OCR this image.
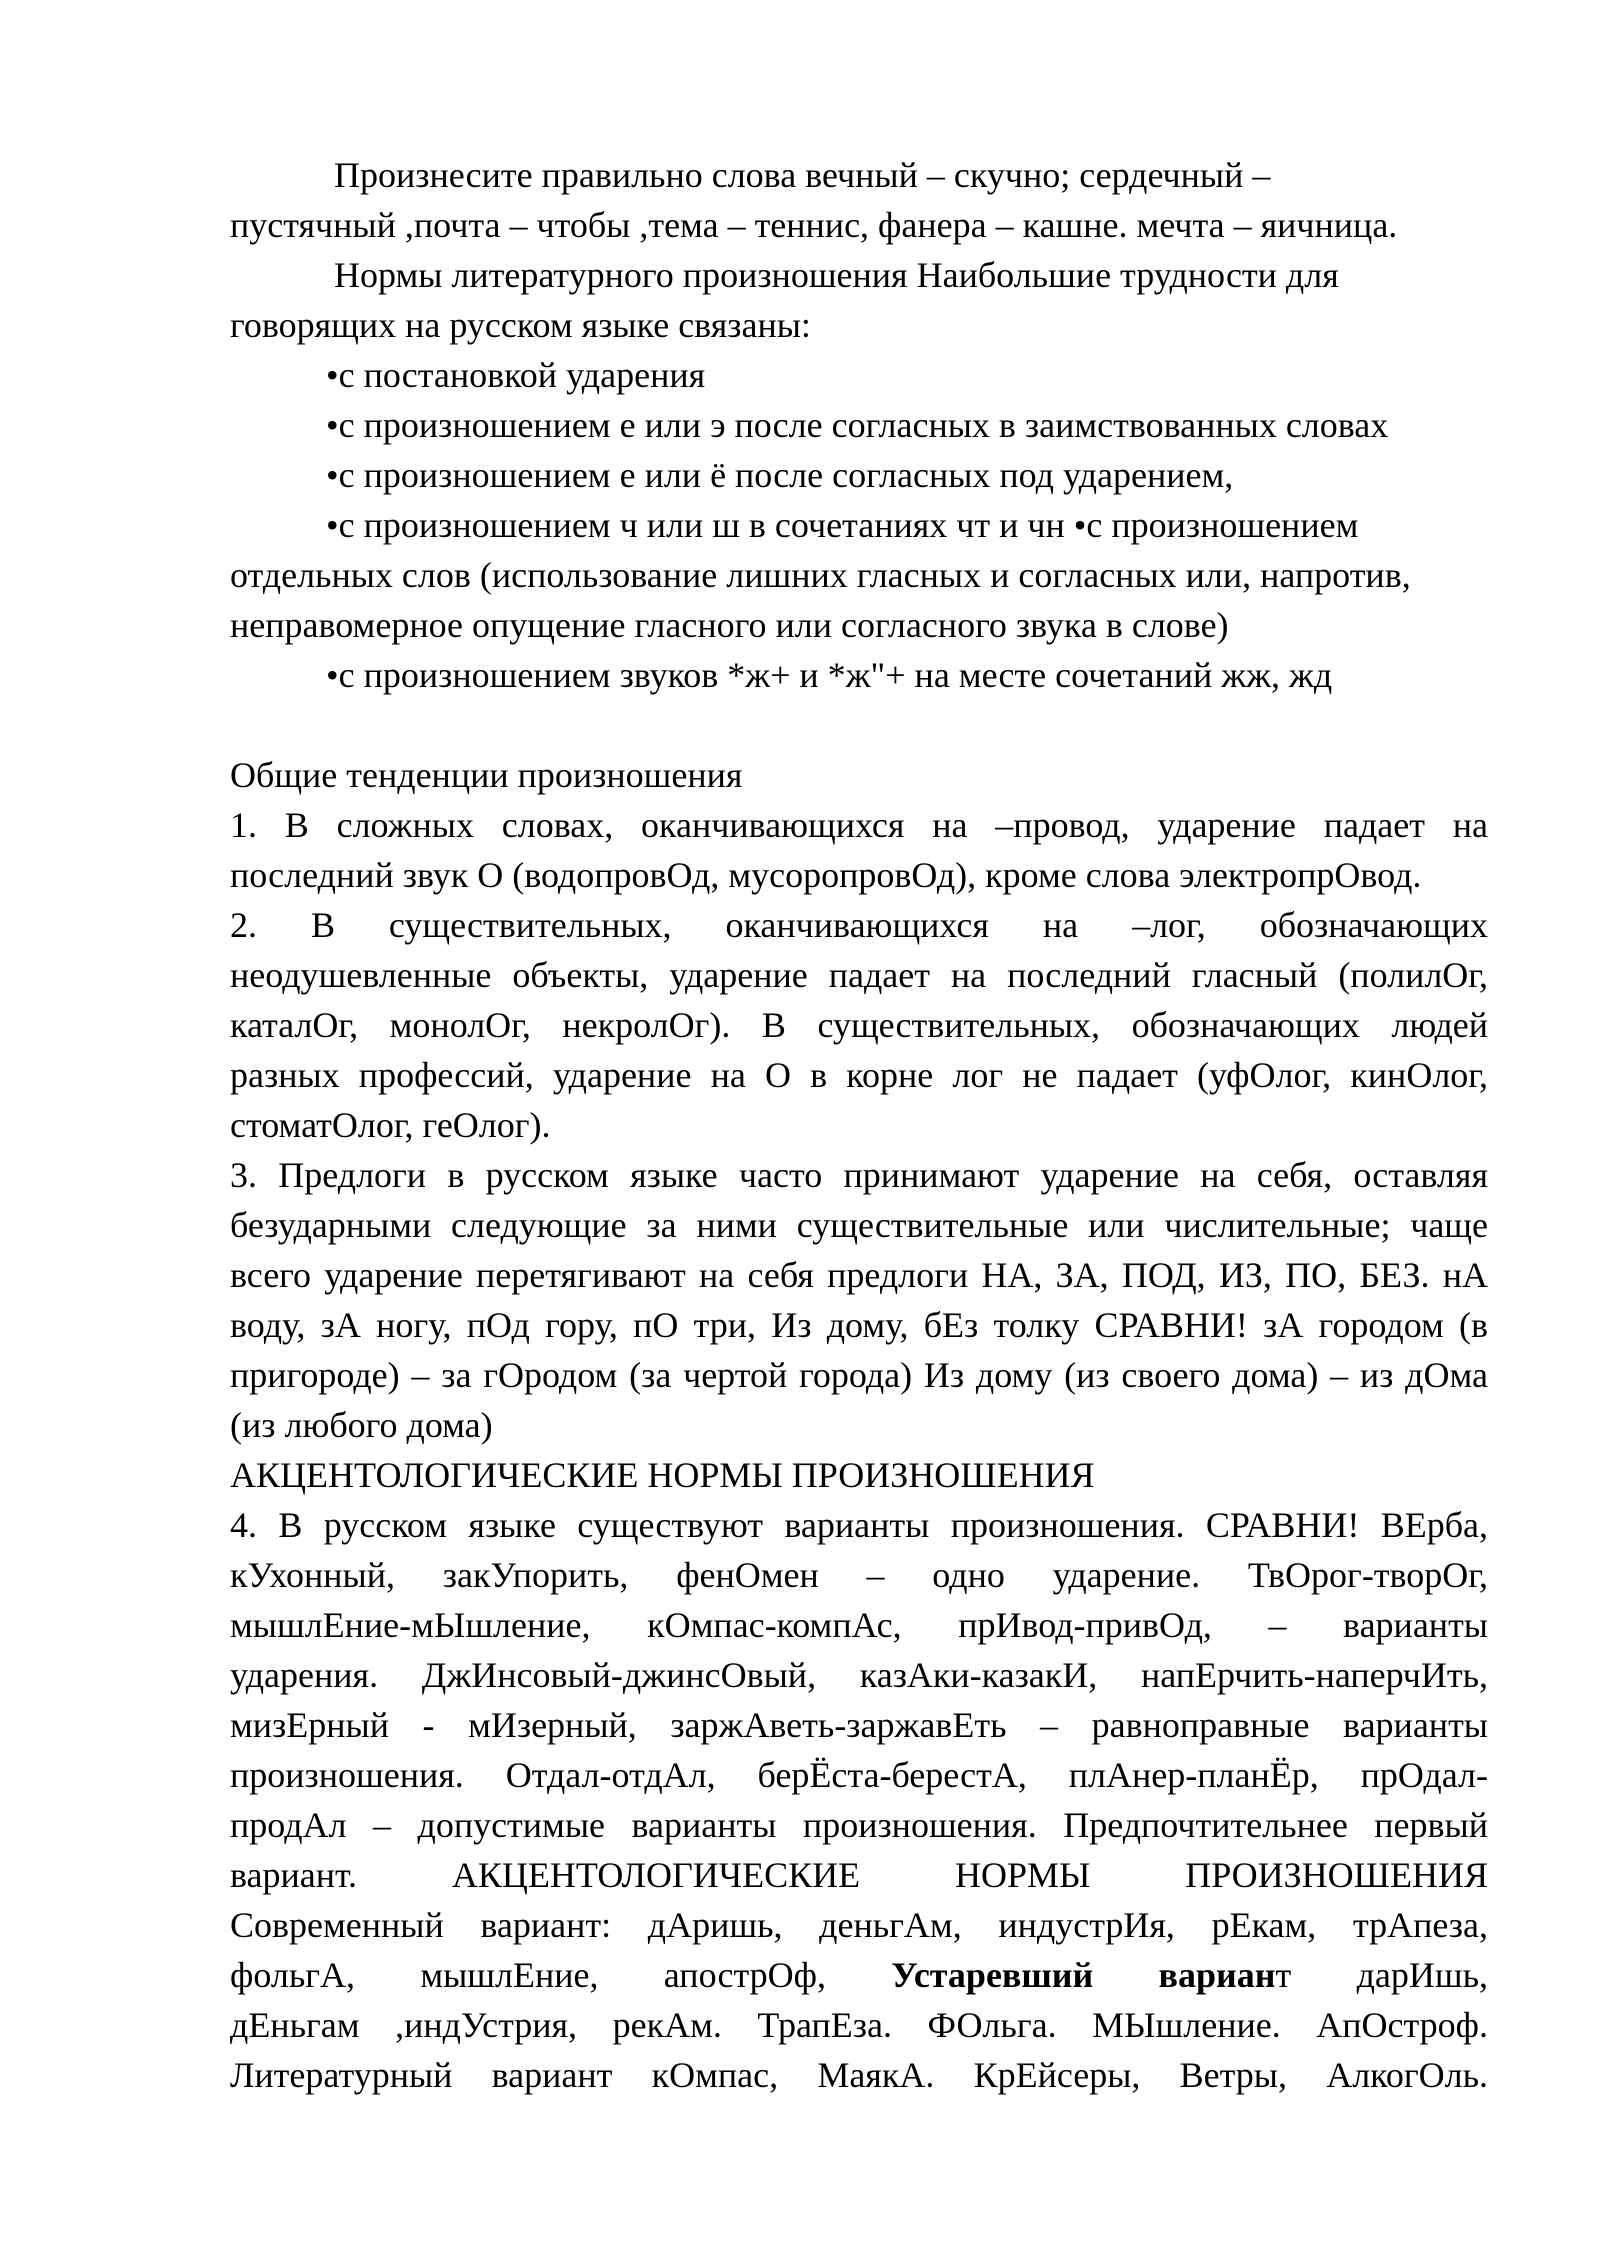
Произнесите правильно слова вечный – скучно; сердечный –
пустячный ,почта – чтобы ,тема – теннис, фанера – кашне. мечта – яичница.
Нормы литературного произношения Наибольшие трудности для
говорящих на русском языке связаны:
•с постановкой ударения
•с произношением е или э после согласных в заимствованных словах
•с произношением е или ё после согласных под ударением,
•с произношением ч или ш в сочетаниях чт и чн •с произношением
отдельных слов (использование лишних гласных и согласных или, напротив,
неправомерное опущение гласного или согласного звука в слове)
•с произношением звуков *ж+ и *ж"+ на месте сочетаний жж, жд
Общие тенденции произношения
1. В сложных словах, оканчивающихся на –провод, ударение падает на
последний звук О (водопровОд, мусоропровОд), кроме слова электропрОвод.
2. В существительных, оканчивающихся на –лог, обозначающих
неодушевленные объекты, ударение падает на последний гласный (полилОг,
каталОг, монолОг, некролОг). В существительных, обозначающих людей
разных профессий, ударение на О в корне лог не падает (уфОлог, кинОлог,
стоматОлог, геОлог).
3. Предлоги в русском языке часто принимают ударение на себя, оставляя
безударными следующие за ними существительные или числительные; чаще
всего ударение перетягивают на себя предлоги НА, ЗА, ПОД, ИЗ, ПО, БЕЗ. нА
воду, зА ногу, пОд гору, пО три, Из дому, бЕз толку СРАВНИ! зА городом (в
пригороде) – за гОродом (за чертой города) Из дому (из своего дома) – из дОма
(из любого дома)
АКЦЕНТОЛОГИЧЕСКИЕ НОРМЫ ПРОИЗНОШЕНИЯ
4. В русском языке существуют варианты произношения. СРАВНИ! ВЕрба,
кУхонный, закУпорить, фенОмен – одно ударение. ТвОрог-творОг,
мышлЕние-мЫшление, кОмпас-компАс, прИвод-привОд, – варианты
ударения. ДжИнсовый-джинсОвый, казАки-казакИ, напЕрчить-наперчИть,
мизЕрный - мИзерный, заржАветь-заржавЕть – равноправные варианты
произношения. Отдал-отдАл, берЁста-берестА, плАнер-планЁр, прОдал-
продАл – допустимые варианты произношения. Предпочтительнее первый
вариант. АКЦЕНТОЛОГИЧЕСКИЕ НОРМЫ ПРОИЗНОШЕНИЯ
Современный вариант: дАришь, деньгАм, индустрИя, рЕкам, трАпеза,
фольгА, мышлЕние, апострОф, Устаревший вариант дарИшь,
дЕньгам ,индУстрия, рекАм. ТрапЕза. ФОльга. МЫшление. АпОстроф.
Литературный вариант кОмпас, МаякА. КрЕйсеры, Ветры, АлкогОль.
